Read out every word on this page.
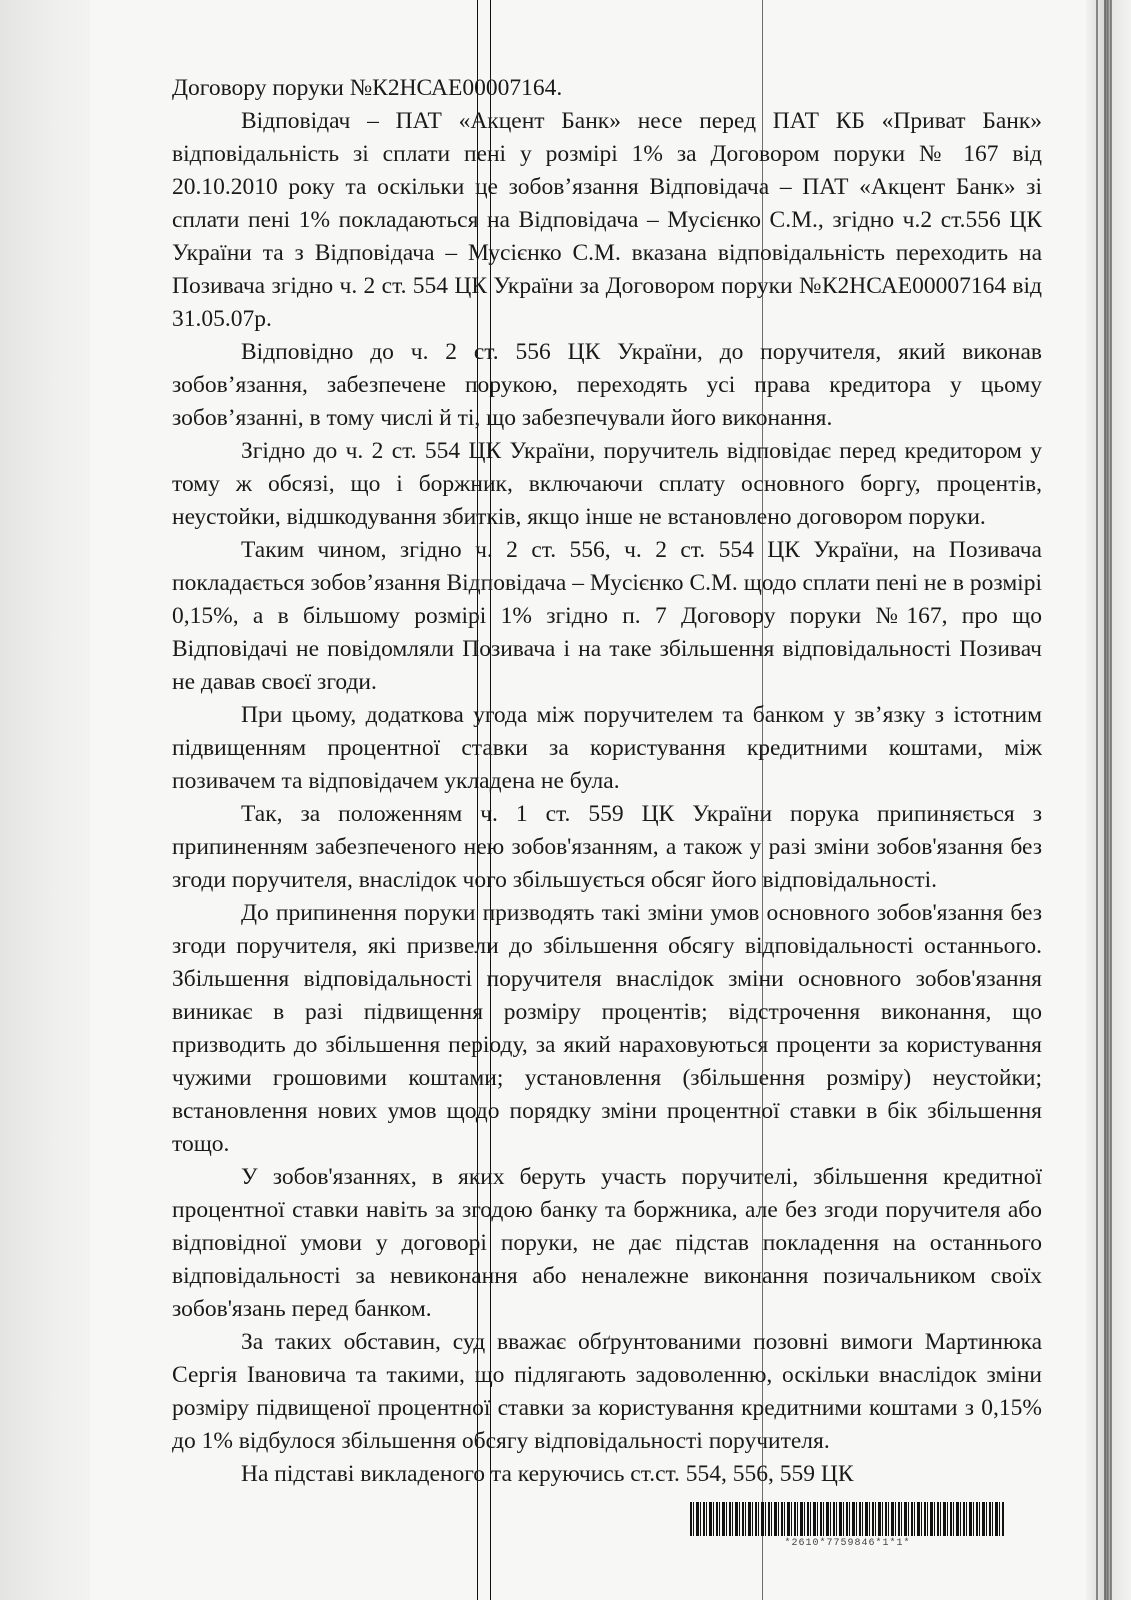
Договору поруки №К2НСАЕ00007164.

Відповідач – ПАТ «Акцент Банк» несе перед ПАТ КБ «Приват Банк» відповідальність зі сплати пені у розмірі 1% за Договором поруки № 167 від 20.10.2010 року та оскільки це зобов’язання Відповідача – ПАТ «Акцент Банк» зі сплати пені 1% покладаються на Відповідача – Мусієнко С.М., згідно ч.2 ст.556 ЦК України та з Відповідача – Мусієнко С.М. вказана відповідальність переходить на Позивача згідно ч. 2 ст. 554 ЦК України за Договором поруки №К2НСАЕ00007164 від 31.05.07р.

Відповідно до ч. 2 ст. 556 ЦК України, до поручителя, який виконав зобов’язання, забезпечене порукою, переходять усі права кредитора у цьому зобов’язанні, в тому числі й ті, що забезпечували його виконання.

Згідно до ч. 2 ст. 554 ЦК України, поручитель відповідає перед кредитором у тому ж обсязі, що і боржник, включаючи сплату основного боргу, процентів, неустойки, відшкодування збитків, якщо інше не встановлено договором поруки.

Таким чином, згідно ч. 2 ст. 556, ч. 2 ст. 554 ЦК України, на Позивача покладається зобов’язання Відповідача – Мусієнко С.М. щодо сплати пені не в розмірі 0,15%, а в більшому розмірі 1% згідно п. 7 Договору поруки №167, про що Відповідачі не повідомляли Позивача і на таке збільшення відповідальності Позивач не давав своєї згоди.

При цьому, додаткова угода між поручителем та банком у зв’язку з істотним підвищенням процентної ставки за користування кредитними коштами, між позивачем та відповідачем укладена не була.

Так, за положенням ч. 1 ст. 559 ЦК України порука припиняється з припиненням забезпеченого нею зобов'язанням, а також у разі зміни зобов'язання без згоди поручителя, внаслідок чого збільшується обсяг його відповідальності.

До припинення поруки призводять такі зміни умов основного зобов'язання без згоди поручителя, які призвели до збільшення обсягу відповідальності останнього. Збільшення відповідальності поручителя внаслідок зміни основного зобов'язання виникає в разі підвищення розміру процентів; відстрочення виконання, що призводить до збільшення періоду, за який нараховуються проценти за користування чужими грошовими коштами; установлення (збільшення розміру) неустойки; встановлення нових умов щодо порядку зміни процентної ставки в бік збільшення тощо.

У зобов'язаннях, в яких беруть участь поручителі, збільшення кредитної процентної ставки навіть за згодою банку та боржника, але без згоди поручителя або відповідної умови у договорі поруки, не дає підстав покладення на останнього відповідальності за невиконання або неналежне виконання позичальником своїх зобов'язань перед банком.

За таких обставин, суд вважає обґрунтованими позовні вимоги Мартинюка Сергія Івановича та такими, що підлягають задоволенню, оскільки внаслідок зміни розміру підвищеної процентної ставки за користування кредитними коштами з 0,15% до 1% відбулося збільшення обсягу відповідальності поручителя.

На підставі викладеного та керуючись ст.ст. 554, 556, 559 ЦК

*2610*7759846*1*1*
